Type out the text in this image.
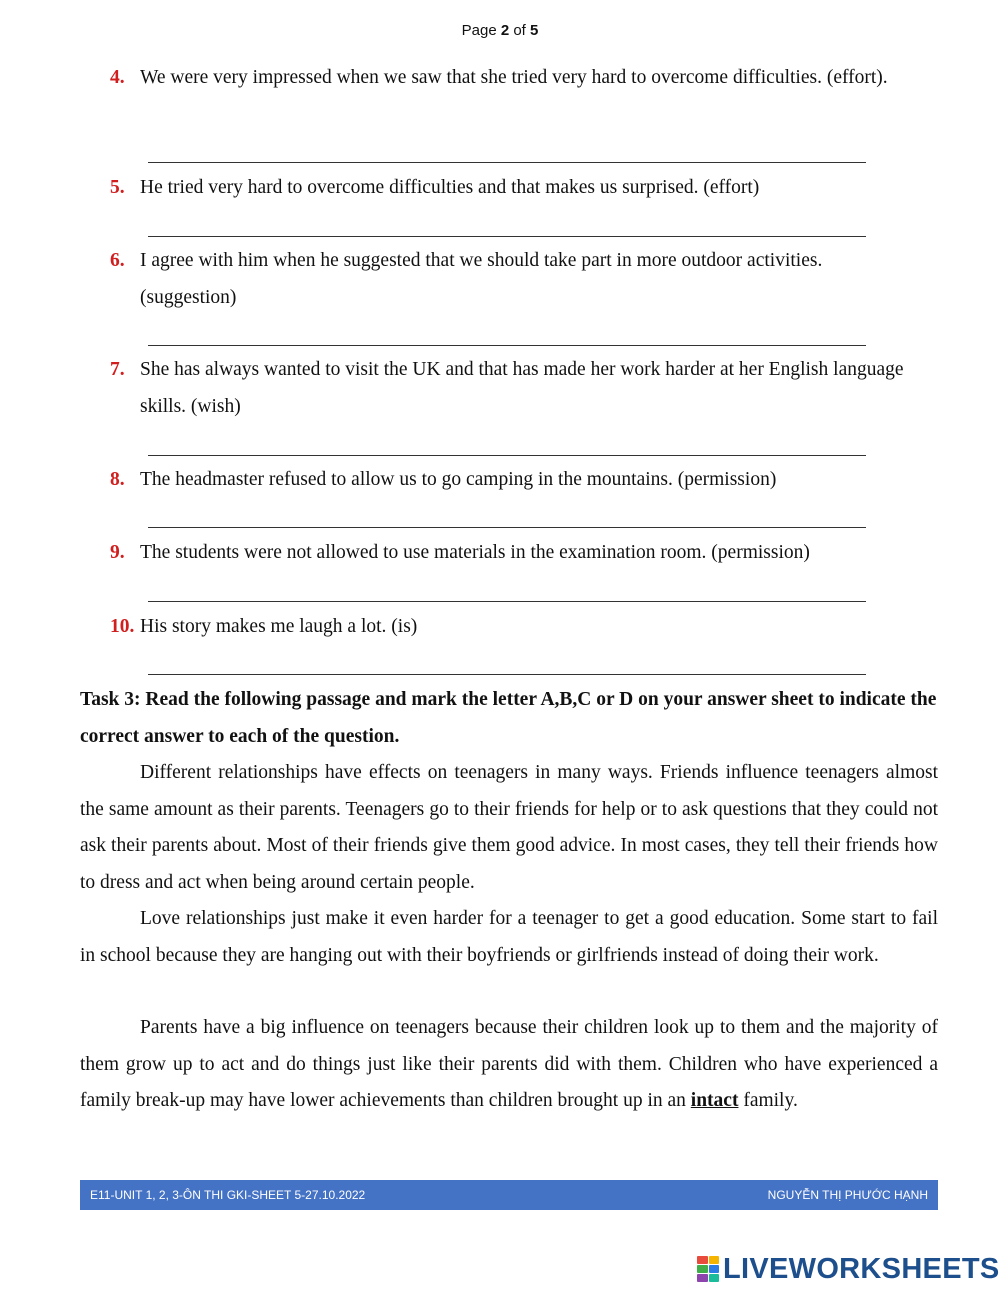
Page 2 of 5
4. We were very impressed when we saw that she tried very hard to overcome difficulties. (effort).
5. He tried very hard to overcome difficulties and that makes us surprised. (effort)
6. I agree with him when he suggested that we should take part in more outdoor activities. (suggestion)
7. She has always wanted to visit the UK and that has made her work harder at her English language skills. (wish)
8. The headmaster refused to allow us to go camping in the mountains. (permission)
9. The students were not allowed to use materials in the examination room. (permission)
10. His story makes me laugh a lot. (is)
Task 3: Read the following passage and mark the letter A,B,C or D on your answer sheet to indicate the correct answer to each of the question.
Different relationships have effects on teenagers in many ways. Friends influence teenagers almost the same amount as their parents. Teenagers go to their friends for help or to ask questions that they could not ask their parents about. Most of their friends give them good advice. In most cases, they tell their friends how to dress and act when being around certain people.
Love relationships just make it even harder for a teenager to get a good education. Some start to fail in school because they are hanging out with their boyfriends or girlfriends instead of doing their work.
Parents have a big influence on teenagers because their children look up to them and the majority of them grow up to act and do things just like their parents did with them. Children who have experienced a family break-up may have lower achievements than children brought up in an intact family.
E11-UNIT 1, 2, 3-ÔN THI GKI-SHEET 5-27.10.2022	NGUYỄN THỊ PHƯỚC HẠNH
LIVEWORKSHEETS
